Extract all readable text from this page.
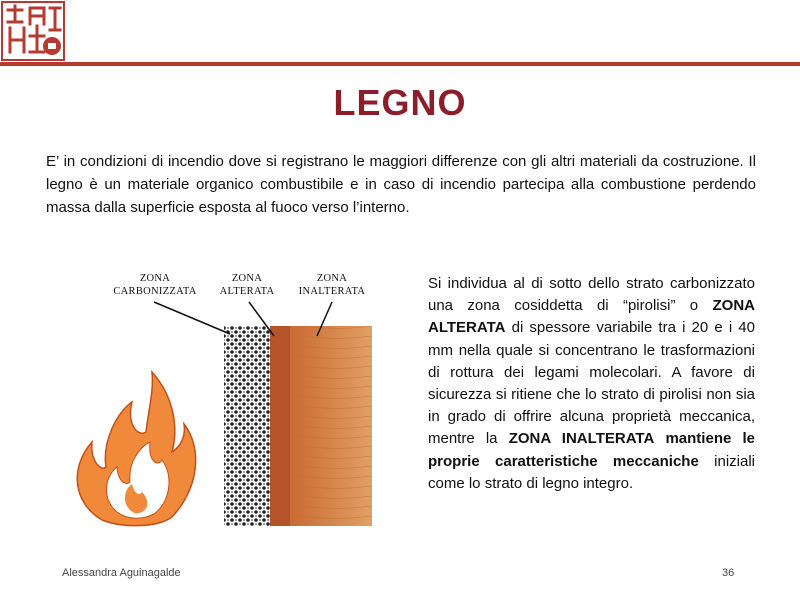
LEGNO
E’ in condizioni di incendio dove si registrano le maggiori differenze con gli altri materiali da costruzione. Il legno è un materiale organico combustibile e in caso di incendio partecipa alla combustione perdendo massa dalla superficie esposta al fuoco verso l’interno.
ZONA
CARBONIZZATA
ZONA
ALTERATA
ZONA
INALTERATA	Si individua al di sotto dello strato carbonizzato una zona cosiddetta di “pirolisi” o ZONA ALTERATA di spessore variabile tra i 20 e i 40 mm nella quale si concentrano le trasformazioni di rottura dei legami molecolari. A favore di sicurezza si ritiene che lo strato di pirolisi non sia in grado di offrire alcuna proprietà meccanica, mentre la ZONA INALTERATA mantiene le proprie caratteristiche meccaniche iniziali come lo strato di legno integro.
Alessandra Aguinagalde	36
